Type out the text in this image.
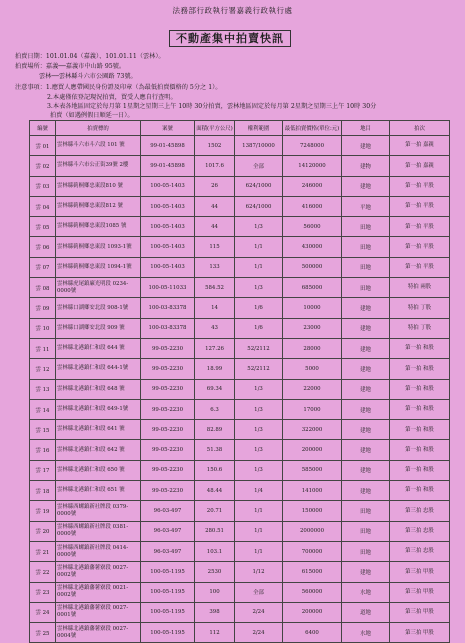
法務部行政執行署嘉義行政執行處
不動產集中拍賣快訊
拍賣日期：101.01.04（嘉義）、101.01.11（雲林）。
拍賣場所：嘉義──嘉義市中山路 95號。
雲林──雲林縣斗六市公園路 73號。
注意事項：1.應買人應帶國民身份證及印章（為最低拍賣價格的 5分之 1）。
2.本處僅依登記現況拍賣，買受人應自行查明。
3.本表各地區固定於每月第 1星期之星期三上午 10時 30分拍賣，雲林地區固定於每月第 2星期之星期三上午 10時 30分
拍賣（如遇例假日順延一日）。
編號	拍賣標的	案號	面積(平方公尺)	權利範圍	最低拍賣價格(單位:元)	地目	拍次
雲 01	雲林縣斗六市斗六段 101 號	99-01-45898	1502	1387/10000	7248000	建地	第一拍 嘉親
雲 02	雲林縣斗六市公正街39號 2樓	99-01-45898	1017.6	全部	14120000	建物	第一拍 嘉親
雲 03	雲林縣莿桐鄉忠東段810 號	100-05-1403	26	624/1000	246000	建地	第一拍 平股
雲 04	雲林縣莿桐鄉忠東段812 號	100-05-1403	44	624/1000	416000	平地	第一拍 平股
雲 05	雲林縣莿桐鄉忠東段1085 號	100-05-1403	44	1/3	56000	田地	第一拍 平股
雲 06	雲林縣莿桐鄉忠東段 1093-1號	100-05-1403	115	1/1	430000	田地	第一拍 平股
雲 07	雲林縣莿桐鄉忠東段 1094-1號	100-05-1403	133	1/1	500000	田地	第一拍 平股
雲 08	雲林縣虎尾鎮廉光明段 0234-0000號	100-05-11033	584.52	1/3	685000	田地	特拍 兩股
雲 09	雲林縣口湖鄉安北段 908-1號	100-03-83378	14	1/6	10000	建地	特拍 丁股
雲 10	雲林縣口湖鄉安北段 909 號	100-03-83378	43	1/6	23000	建地	特拍 丁股
雲 11	雲林縣北港鎮仁和段 644 號	99-05-2230	127.26	52/2112	28000	建地	第一拍 和股
雲 12	雲林縣北港鎮仁和段 644-1號	99-05-2230	18.99	52/2112	5000	建地	第一拍 和股
雲 13	雲林縣北港鎮仁和段 648 號	99-05-2230	69.34	1/3	22000	建地	第一拍 和股
雲 14	雲林縣北港鎮仁和段 649-1號	99-05-2230	6.3	1/3	17000	建地	第一拍 和股
雲 15	雲林縣北港鎮仁和段 641 號	99-05-2230	82.89	1/3	322000	建地	第一拍 和股
雲 16	雲林縣北港鎮仁和段 642 號	99-05-2230	51.38	1/3	200000	建地	第一拍 和股
雲 17	雲林縣北港鎮仁和段 650 號	99-05-2230	150.6	1/3	585000	建地	第一拍 和股
雲 18	雲林縣北港鎮仁和段 651 號	99-05-2230	48.44	1/4	141000	建地	第一拍 和股
雲 19	雲林縣西螺鎮新社牌段 0379-0000號	96-03-497	20.71	1/1	150000	田地	第三拍 忠股
雲 20	雲林縣西螺鎮新社牌段 0381-0000號	96-03-497	280.51	1/1	2000000	田地	第三拍 忠股
雲 21	雲林縣西螺鎮新社牌段 0414-0000號	96-03-497	103.1	1/1	700000	田地	第三拍 忠股
雲 22	雲林縣北港鎮藩薯寮段 0027-0002號	100-05-1195	2530	1/12	615000	建地	第三拍 甲股
雲 23	雲林縣北港鎮藩薯寮段 0021-0002號	100-05-1195	100	全部	560000	水地	第三拍 甲股
雲 24	雲林縣北港鎮藩薯寮段 0027-0001號	100-05-1195	398	2/24	200000	道地	第三拍 甲股
雲 25	雲林縣北港鎮藩薯寮段 0027-0004號	100-05-1195	112	2/24	6400	水地	第三拍 甲股
